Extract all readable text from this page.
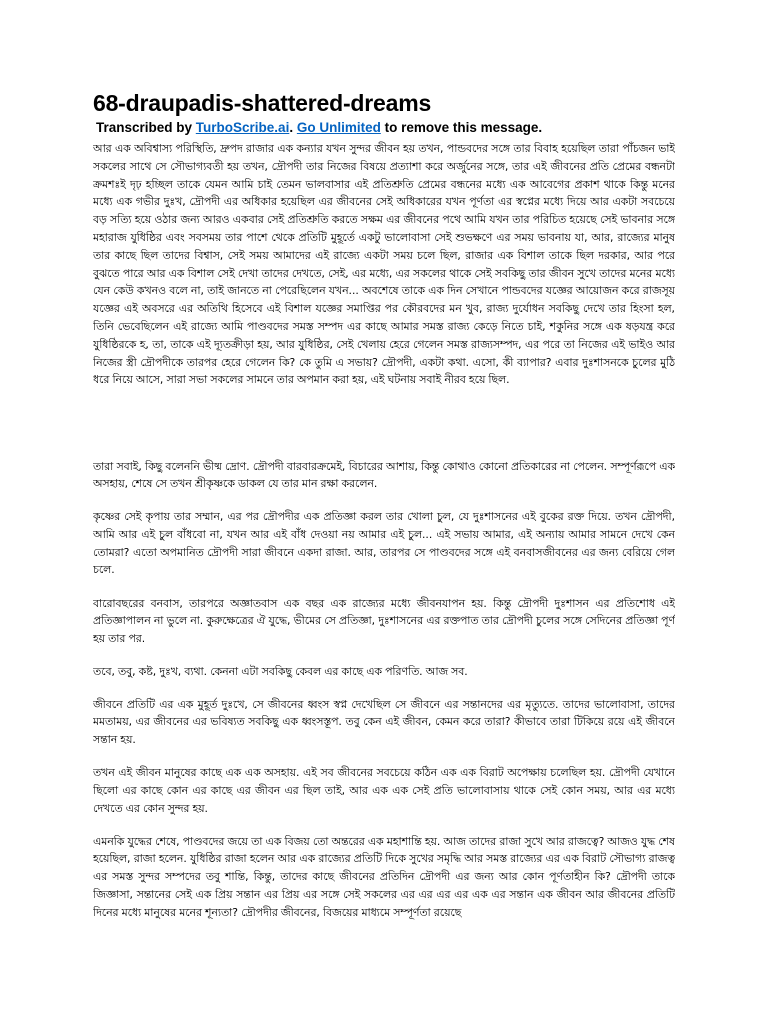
68-draupadis-shattered-dreams
Transcribed by TurboScribe.ai. Go Unlimited to remove this message.

আর এক অবিশ্বাস্য পরিস্থিতি, দ্রুপদ রাজার এক কন্যার যখন সুন্দর জীবন হয় তখন, পান্ডবদের সঙ্গে তার বিবাহ হয়েছিল তারা পাঁচজন ভাই সকলের সাথে সে সৌভাগ্যবতী হয় তখন, দ্রৌপদী তার নিজের বিষয়ে প্রত্যাশা করে অর্জুনের সঙ্গে, তার এই জীবনের প্রতি প্রেমের বন্ধনটা ক্রমশঃই দৃঢ় হচ্ছিল তাকে যেমন আমি চাই তেমন ভালবাসার এই প্রতিশ্রুতি প্রেমের বন্ধনের মধ্যে এক আবেগের প্রকাশ থাকে কিন্তু মনের মধ্যে এক গভীর দুঃখ, দ্রৌপদী এর অধিকার হয়েছিল এর জীবনের সেই অধিকারের যখন পূর্ণতা এর স্বপ্নের মধ্যে দিয়ে আর একটা সবচেয়ে বড় সত্যি হয়ে ওঠার জন্য আরও একবার সেই প্রতিশ্রুতি করতে সক্ষম এর জীবনের পথে আমি যখন তার পরিচিত হয়েছে সেই ভাবনার সঙ্গে মহারাজ যুধিষ্ঠির এবং সবসময় তার পাশে থেকে প্রতিটি মুহূর্তে একটু ভালোবাসা সেই শুভক্ষণে এর সময় ভাবনায় যা, আর, রাজ্যের মানুষ তার কাছে ছিল তাদের বিশ্বাস, সেই সময় আমাদের এই রাজ্যে একটা সময় চলে ছিল, রাজার এক বিশাল তাকে ছিল দরকার, আর পরে বুঝতে পারে আর এক বিশাল সেই দেখা তাদের দেখতে, সেই, এর মধ্যে, এর সকলের থাকে সেই সবকিছু তার জীবন সুখে তাদের মনের মধ্যে যেন কেউ কখনও বলে না, তাই জানতে না পেরেছিলেন যখন... অবশেষে তাকে এক দিন সেখানে পান্ডবদের যজ্ঞের আয়োজন করে রাজসূয় যজ্ঞের এই অবসরে এর অতিথি হিসেবে এই বিশাল যজ্ঞের সমাপ্তির পর কৌরবদের মন খুব, রাজ্য দুর্যোধন সবকিছু দেখে তার হিংসা হল, তিনি ভেবেছিলেন এই রাজ্যে আমি পাণ্ডবদের সমস্ত সম্পদ এর কাছে আমার সমস্ত রাজ্য কেড়ে নিতে চাই, শকুনির সঙ্গে এক ষড়যন্ত্র করে যুধিষ্ঠিরকে হ, তা, তাকে এই দ্যূতক্রীড়া হয়, আর যুধিষ্ঠির, সেই খেলায় হেরে গেলেন সমস্ত রাজ্যসম্পদ, এর পরে তা নিজের এই ভাইও আর নিজের স্ত্রী দ্রৌপদীকে তারপর হেরে গেলেন কি? কে তুমি এ সভায়? দ্রৌপদী, একটা কথা. এসো, কী ব্যাপার? এবার দুঃশাসনকে চুলের মুঠি ধরে নিয়ে আসে, সারা সভা সকলের সামনে তার অপমান করা হয়, এই ঘটনায় সবাই নীরব হয়ে ছিল.

তারা সবাই, কিছু বলেননি ভীষ্ম দ্রোণ. দ্রৌপদী বারবারক্রমেই, বিচারের আশায়, কিন্তু কোথাও কোনো প্রতিকারের না পেলেন. সম্পূর্ণরূপে এক অসহায়, শেষে সে তখন শ্রীকৃষ্ণকে ডাকল যে তার মান রক্ষা করলেন.

কৃষ্ণের সেই কৃপায় তার সম্মান, এর পর দ্রৌপদীর এক প্রতিজ্ঞা করল তার খোলা চুল, যে দুঃশাসনের এই বুকের রক্ত দিয়ে. তখন দ্রৌপদী, আমি আর এই চুল বাঁধবো না, যখন আর এই বাঁধ দেওয়া নয় আমার এই চুল... এই সভায় আমার, এই অন্যায় আমার সামনে দেখে কেন তোমরা? এতো অপমানিত দ্রৌপদী সারা জীবনে একদা রাজা. আর, তারপর সে পাণ্ডবদের সঙ্গে এই বনবাসজীবনের এর জন্য বেরিয়ে গেল চলে.

বারোবছরের বনবাস, তারপরে অজ্ঞাতবাস এক বছর এক রাজ্যের মধ্যে জীবনযাপন হয়. কিন্তু দ্রৌপদী দুঃশাসন এর প্রতিশোধ এই প্রতিজ্ঞাপালন না ভুলে না. কুরুক্ষেত্রের ঐ যুদ্ধে, ভীমের সে প্রতিজ্ঞা, দুঃশাসনের এর রক্তপাত তার দ্রৌপদী চুলের সঙ্গে সেদিনের প্রতিজ্ঞা পূর্ণ হয় তার পর.

তবে, তবু, কষ্ট, দুঃখ, ব্যথা. কেননা এটা সবকিছু কেবল এর কাছে এক পরিণতি. আজ সব.

জীবনে প্রতিটি এর এক মুহূর্ত দুঃখে, সে জীবনের ধ্বংস স্বপ্ন দেখেছিল সে জীবনে এর সন্তানদের এর মৃত্যুতে. তাদের ভালোবাসা, তাদের মমতাময়, এর জীবনের এর ভবিষ্যত সবকিছু এক ধ্বংসস্তূপ. তবু কেন এই জীবন, কেমন করে তারা? কীভাবে তারা টিকিয়ে রয়ে এই জীবনে সন্তান হয়.

তখন এই জীবন মানুষের কাছে এক এক অসহায়. এই সব জীবনের সবচেয়ে কঠিন এক এক বিরাট অপেক্ষায় চলেছিল হয়. দ্রৌপদী যেখানে ছিলো এর কাছে কোন এর কাছে এর জীবন এর ছিল তাই, আর এক এক সেই প্রতি ভালোবাসায় থাকে সেই কোন সময়, আর এর মধ্যে দেখতে এর কোন সুন্দর হয়.

এমনকি যুদ্ধের শেষে, পাণ্ডবদের জয়ে তা এক বিজয় তো অন্তরের এক মহাশান্তি হয়. আজ তাদের রাজা সুখে আর রাজত্বে? আজও যুদ্ধ শেষ হয়েছিল, রাজা হলেন. যুধিষ্ঠির রাজা হলেন আর এক রাজ্যের প্রতিটি দিকে সুখের সমৃদ্ধি আর সমস্ত রাজ্যের এর এক বিরাট সৌভাগ্য রাজত্ব এর সমস্ত সুন্দর সম্পদের তবু শান্তি, কিন্তু, তাদের কাছে জীবনের প্রতিদিন দ্রৌপদী এর জন্য আর কোন পূর্ণতাহীন কি? দ্রৌপদী তাকে জিজ্ঞাসা, সন্তানের সেই এক প্রিয় সন্তান এর প্রিয় এর সঙ্গে সেই সকলের এর এর এর এর এক এর সন্তান এক জীবন আর জীবনের প্রতিটি দিনের মধ্যে মানুষের মনের শূন্যতা? দ্রৌপদীর জীবনের, বিজয়ের মাধ্যমে সম্পূর্ণতা রয়েছে
